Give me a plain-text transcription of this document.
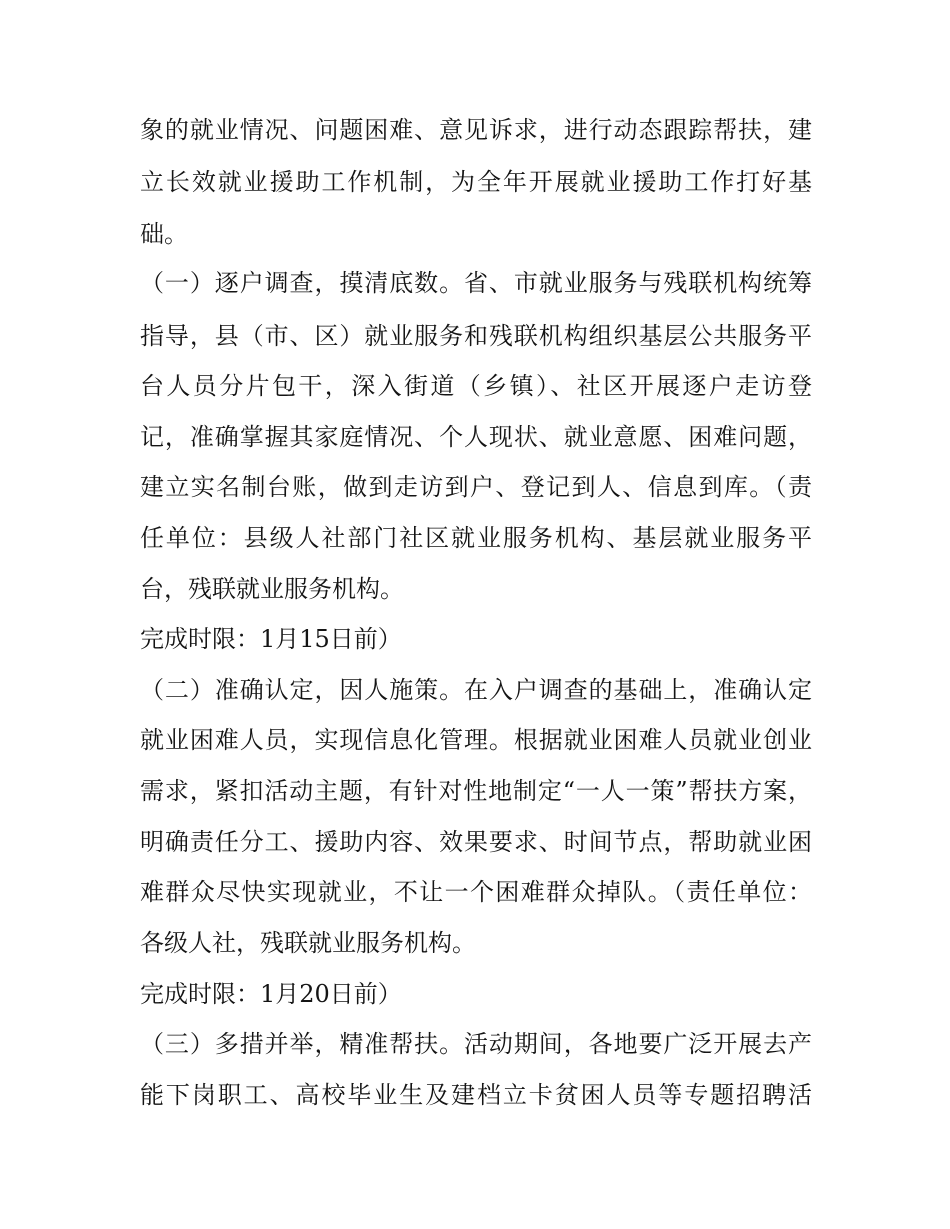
象的就业情况、问题困难、意见诉求，进行动态跟踪帮扶，建
立长效就业援助工作机制，为全年开展就业援助工作打好基
础。
（一）逐户调查，摸清底数。省、市就业服务与残联机构统筹
指导，县（市、区）就业服务和残联机构组织基层公共服务平
台人员分片包干，深入街道（乡镇）、社区开展逐户走访登
记，准确掌握其家庭情况、个人现状、就业意愿、困难问题，
建立实名制台账，做到走访到户、登记到人、信息到库。（责
任单位：县级人社部门社区就业服务机构、基层就业服务平
台，残联就业服务机构。
完成时限：1月15日前）
（二）准确认定，因人施策。在入户调查的基础上，准确认定
就业困难人员，实现信息化管理。根据就业困难人员就业创业
需求，紧扣活动主题，有针对性地制定“一人一策”帮扶方案，
明确责任分工、援助内容、效果要求、时间节点，帮助就业困
难群众尽快实现就业，不让一个困难群众掉队。（责任单位：
各级人社，残联就业服务机构。
完成时限：1月20日前）
（三）多措并举，精准帮扶。活动期间，各地要广泛开展去产
能下岗职工、高校毕业生及建档立卡贫困人员等专题招聘活
